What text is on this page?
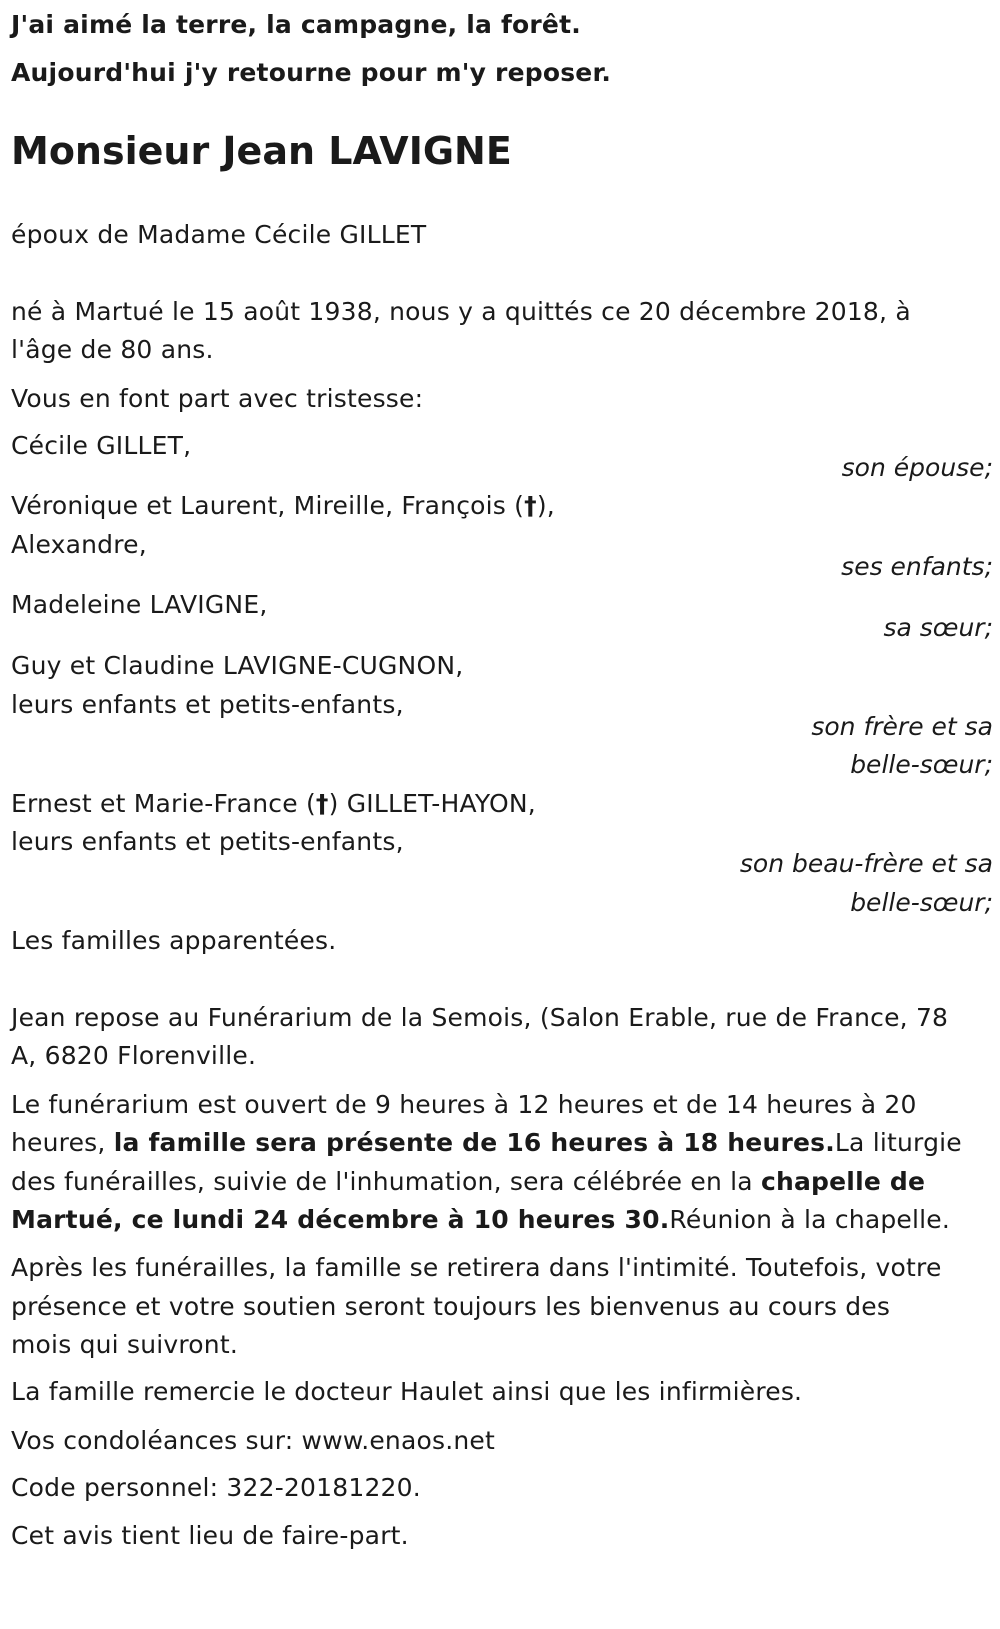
J'ai aimé la terre, la campagne, la forêt.
Aujourd'hui j'y retourne pour m'y reposer.
Monsieur Jean LAVIGNE
époux de Madame Cécile GILLET
né à Martué le 15 août 1938, nous y a quittés ce 20 décembre 2018, à
l'âge de 80 ans.
Vous en font part avec tristesse:
Cécile GILLET,
son épouse;
Véronique et Laurent, Mireille, François (†),
Alexandre,
ses enfants;
Madeleine LAVIGNE,
sa sœur;
Guy et Claudine LAVIGNE-CUGNON,
leurs enfants et petits-enfants,
son frère et sa
belle-sœur;
Ernest et Marie-France (†) GILLET-HAYON,
leurs enfants et petits-enfants,
son beau-frère et sa
belle-sœur;
Les familles apparentées.
Jean repose au Funérarium de la Semois, (Salon Erable, rue de France, 78
A, 6820 Florenville.
Le funérarium est ouvert de 9 heures à 12 heures et de 14 heures à 20
heures, la famille sera présente de 16 heures à 18 heures.La liturgie
des funérailles, suivie de l'inhumation, sera célébrée en la chapelle de
Martué, ce lundi 24 décembre à 10 heures 30.Réunion à la chapelle.
Après les funérailles, la famille se retirera dans l'intimité. Toutefois, votre
présence et votre soutien seront toujours les bienvenus au cours des
mois qui suivront.
La famille remercie le docteur Haulet ainsi que les infirmières.
Vos condoléances sur: www.enaos.net
Code personnel: 322-20181220.
Cet avis tient lieu de faire-part.
